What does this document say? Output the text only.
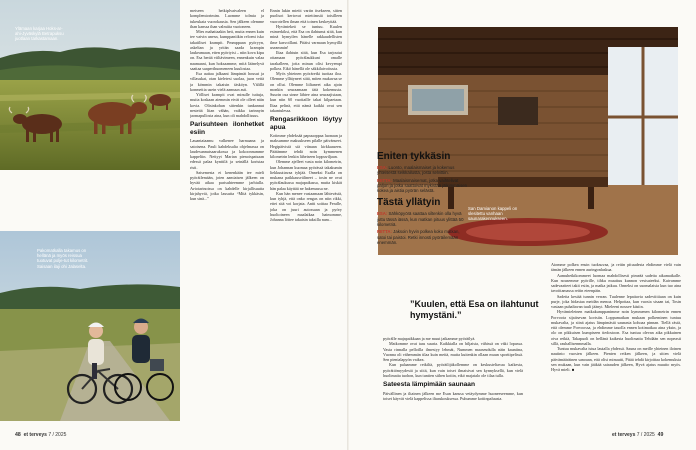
Ylämaan karjaa Hoks-ar-ahi-Jyväskylä Betrapuksu juotlaan tarkastamaan.
Pakomatkalla takamus on hellänä ja myös reissua tuotuvat polje-tut kilometrit. Saisaan ilaji ohi Jalaselta.

meiseen hetkiplvaivaleen el komplemtorimim. Luomme tolmia ja tukeukaia vuorokausia. Sen jälkeen olemme ihan kanssa ihan valmiita vuotoneen.

Mies mahattaakin heti, mutta ennen kuin tee vaivin unesn, kumppaniikin reloeni isko takaiiliset krampit. Pmmppaan pyöryyn, askeltan ja yritän saada krampin laukeamaan, etten pyörtyisi – niin kova kipu on. Esa herää viiltävimeen, ennenkuin valaa naamaani, kun hoksaamme, mitä läänelyvä saattaa saaperthuomeneen kuulostaa.

Esa auttaa jalkaani lämpimät housut ja villasukat, otan kieletesi suolaa, juon vettä ja kömmin takaisin täsköyn. Välillä konmettia usein vielä aamuun asti.

Yölliset krampit ovat minulle tuttuja, mutta koskaan aiemmin eivät ole olleet näin kovia. Olisinkohan sittenkin tankannut nesteitä liian vähän, vaikka tarinnyin jaomapullosta aina, kun oli mahdollisuus.

Parisuhteen ilonhetket esiin

Lauantaiaamu valkenee harmaana ja satoisena. Pauli kahdeksalta ohjelmassa on laudesunnutsaarukossa ja kokoonnumme kappeliin. Nettyyt Marian pienoispatsaan edessä palaa kynttilä ja seinällä koristaa risti.

Saisemesta ei kenenkään tee mieli pyöräilemään, joten aamiaisen jälkeen on hyvää aikaa parisuhteemme jarhiulla. Aviotarinoissa on kahdelle kirjallisuutta kirjahyviä, jotka lausutta “Mitä tykkäsin, kun sinä...”

Ennin lukin mietit vartin itsekseen, sitten puolisot kertovat miettimsiä toisilleen vuorotellen ilman että toinen keskeyttää.

Hyväntekeä se tuntuu. Kuulen esimerkiksi, että Esa on ilahtunut siitä, kun minä hymyilen hänelle rakkaudellisten ilme kasvoillani. Pitäisi varmaan hymyillä useammin!

Iltaa ilahtuin siitä, kun Esa tarjoutui ottamaan pyörälaukkuni omalle tarakalleen, jotta minun olisi kevyempi polkea. Eikö hänellä ole säkkilaivoitusta.

Myös yhteinen pyöräretki tuottaa iloa. Olemme yllätyneet siitä, miten mukavaa se on ollut. Olemme liiltaneet aika ajoin monkin seuraamaan tätä kokemusta. Suurin osa sinne lähtee aina seuraajistaan, kun niin 60 vuotiaille takai kilpaetaan. Iltaa pelinä, että nämä kaikki ovat sen takantulessa.

Rengasrikkoon löytyy apua

Kotimme yhdeksää papuuoppaa luonaan ja maksumme maksukseen pilalle päivänseet. Hegipäivistä siä viinaan kirkkaaseen. Päätämme tehdä noin kymmenen kilometrin lenkin läheiseen loppuviljaan.

Olemme ajelleet vasta noin kilometrin, kun Johannan kuomaa pyörässä takakumin liekkuuttavaa tyhjää. Onneksi Esalla on mukana paikkausvälineet – tosin ne ovat pyörälaukussa majapaikassa, mutta kiskät hän palaa käyttää ne hakemassa ne.

Kun hän menee vastaamaan lähtevästä, kun tyhjä, että onko rengas on niin rikki, ettei sitä voi korjata. Antti soittaa Feralle, joka on juuri autossaan ja pyöry huoltoineen maalaikaa haimomme, Johanna löttee takaisin taksilla nam...

San Damianon kappeli on slesitettu vanhaan saunarakennukseen.
Eniten tykkäsin
ESA: Luonto, maalaismaiset ja kokemus yhteisestä seikkailusta, josta selvittiin.
RIITTA: Maalaismaisemat, jotka vaihtelivat paljon ja jotka saattoivat mykistää jälkimmäisen kokea ja aistia pyörän selästä.
Tästä yllätyin
ESA: Sähköpyörä saattaa siltenkin olla hyvä juttu tässä iässä, kun matkan pituus ylittää 50 kilometriä.
RIITTA: Jaksoin hyvin polkea koko matkan, satoi tai paistoi. Retki innosti pyöräilemään enemmän.
”Kuulen, että Esa on ilahtunut hymystäni.”

pyörälle majapaikkaan ja me muut jatkamme pyöräilyä.

Matkomme ovat taas suuria. Kaikkialla on hiljaista, vähissä on väki lopussa. Vasta rinnalla pelloilla ilmestyy lehmät, Nummen maaseudulla näin kauniina, Vuonna oli vähemmän tilaa kuin meitä, mutta kuitenkin ollaan muun sporttipelissä. Sen pienialapyön vaikea.

Kun palaamme retkiltä, pyöräilijäkollemme on keskusteltavaa kaikesta, pyörättömyydestä ja siitä, kun vain toiset ilmaisivat sen kynnyksellä, kun vielä huolimatta tuohon, kun tuntien siihen kotiin, eikö majatalo ole tilaa tulla.

Sateesta lämpimään saunaan

Päivällinen ja iltainen jälkeen me Esan kanssa vetäydymme huoneeseemme, kun toiset käyvät vielä kappelissa iltarukouksessa. Puhumme kotiinpaluusta.

Aiomme polkea ensin tuoksuvaa, ja reitin pituudesta ehdimme vielä vain tämän jälkeen ennen auringonlaskua.

Aamuhetkikommeet luomaa mahdollisesti pimeää sadetta aikamatkalle. Kun nousemme pyörille, tihku muuttuu kunnon vesisateeksi. Kaivamme sadevaatteet takit esiin, ja matka jatkuu. Onneksi on suomalaisia kun tuo aina tavoittamassa reitin eteenpäin.

Sadetta kestää tunnin verran. Tuulenne lepattavia sadeviittiaan on kuin purje, joka hidastaa meidän menoa. Helpottaa, kun vuosia sisaan tai, Tosin vastaan puhaltavan tuuli jäänyt. Mieleeni nousee käsiin.

Hyvämieleinen matkakumppanimme noin kymmenen kilometrin ennen Porvoota sijaitsevan kortsiin. Loppumatkan mukaan polkeminen tuntuu mukavalta, ja siinä ajatus lämpimästä saunasta kohoaa pinnan. Tiellä rästä, että olemme Porvoossa, ja ehdimme tauolla ennen kotimatkaa aina yksin, ja olo on pikkuisen kumpiseen tiedostoon. Esa tuntuu olevan aika pikkuinen oiva retkiä, Takapuoli on hellänä kaikesta huolimatta Tehdään sen nopeasti sillä, rauhallisenmmalla.

Tuntuu mukavalta istua lautalla yhdessä. Sauna on meille yhteinen iloinen nautinto vuosien jälkeen. Pienten retken jälkeen, ja sitten vielä päivämääräinen sanoaan, että olisi minuutti, Pitää tehdä kirjoittaa kokemuksia sen mukaan, kun vain jääkää sairauden jälkeen, Hyvä ajatus muutto myös. Hyvä mieli. ■

48 et terveys 7 / 2025	et terveys 7 / 2025 49
